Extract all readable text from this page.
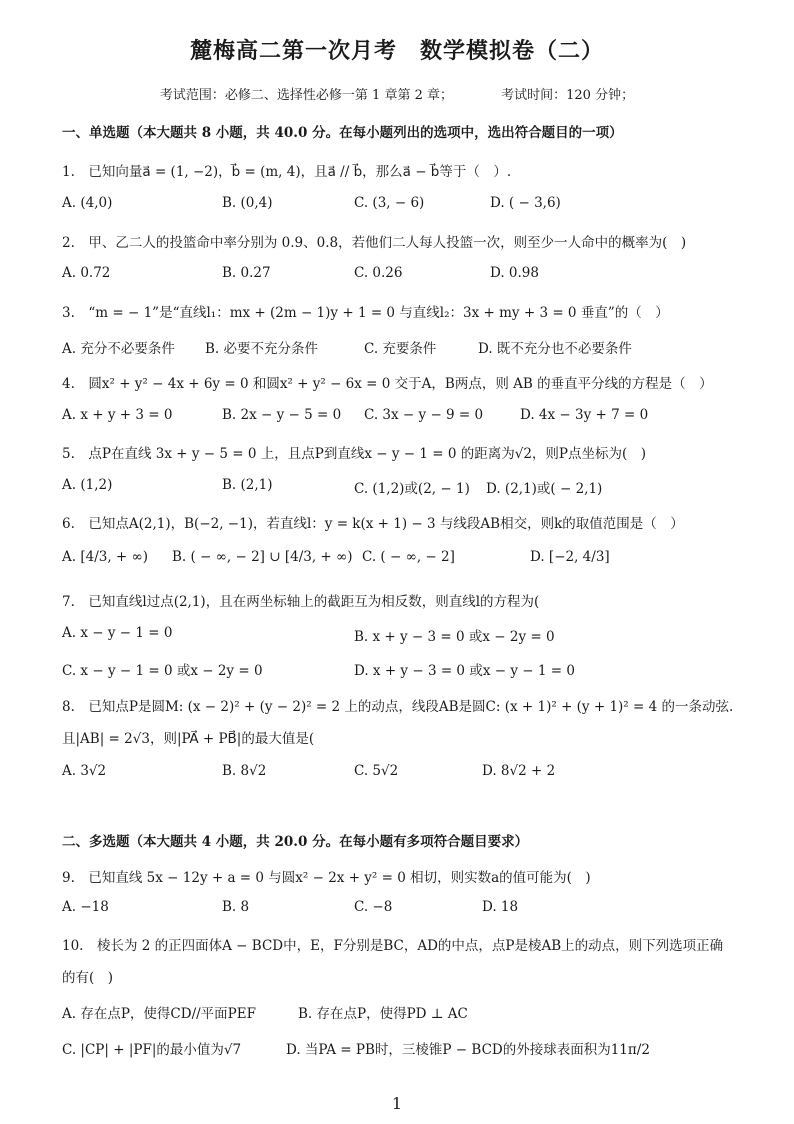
麓梅高二第一次月考　数学模拟卷（二）
考试范围：必修二、选择性必修一第 1 章第 2 章；	考试时间：120 分钟；
一、单选题（本大题共 8 小题，共 40.0 分。在每小题列出的选项中，选出符合题目的一项）
1.　已知向量a⃗ = (1, −2)，b⃗ = (m, 4)，且a⃗ // b⃗，那么a⃗ − b⃗等于（　）.
A. (4,0)	B. (0,4)	C. (3, − 6)	D. ( − 3,6)
2.　甲、乙二人的投篮命中率分别为 0.9、0.8，若他们二人每人投篮一次，则至少一人命中的概率为(　)
A. 0.72	B. 0.27	C. 0.26	D. 0.98
3.　“m = − 1”是“直线l₁：mx + (2m − 1)y + 1 = 0 与直线l₂：3x + my + 3 = 0 垂直”的（　）
A. 充分不必要条件 B. 必要不充分条件	C. 充要条件	D. 既不充分也不必要条件
4.　圆x² + y² − 4x + 6y = 0 和圆x² + y² − 6x = 0 交于A，B两点，则 AB 的垂直平分线的方程是（　）
A. x + y + 3 = 0	B. 2x − y − 5 = 0 C. 3x − y − 9 = 0	D. 4x − 3y + 7 = 0
5.　点P在直线 3x + y − 5 = 0 上，且点P到直线x − y − 1 = 0 的距离为√2，则P点坐标为(　)
A. (1,2)	B. (2,1)	C. (1,2)或(2, − 1) D. (2,1)或( − 2,1)
6.　已知点A(2,1)，B(−2, −1)，若直线l：y = k(x + 1) − 3 与线段AB相交，则k的取值范围是（　）
A. [4/3, + ∞) B. ( − ∞, − 2] ∪ [4/3, + ∞) C. ( − ∞, − 2]	D. [−2, 4/3]
7.　已知直线l过点(2,1)，且在两坐标轴上的截距互为相反数，则直线l的方程为(
A. x − y − 1 = 0	B. x + y − 3 = 0 或x − 2y = 0
C. x − y − 1 = 0 或x − 2y = 0	D. x + y − 3 = 0 或x − y − 1 = 0
8.　已知点P是圆M: (x − 2)² + (y − 2)² = 2 上的动点，线段AB是圆C: (x + 1)² + (y + 1)² = 4 的一条动弦.
且|AB| = 2√3，则|PA⃗ + PB⃗|的最大值是(
A. 3√2	B. 8√2	C. 5√2	D. 8√2 + 2
二、多选题（本大题共 4 小题，共 20.0 分。在每小题有多项符合题目要求）
9.　已知直线 5x − 12y + a = 0 与圆x² − 2x + y² = 0 相切，则实数a的值可能为(　)
A. −18	B. 8	C. −8	D. 18
10.　棱长为 2 的正四面体A − BCD中，E，F分别是BC，AD的中点，点P是棱AB上的动点，则下列选项正确
的有(　)
A. 存在点P，使得CD//平面PEF	B. 存在点P，使得PD ⊥ AC
C. |CP| + |PF|的最小值为√7	D. 当PA = PB时，三棱锥P − BCD的外接球表面积为11π/2
1
